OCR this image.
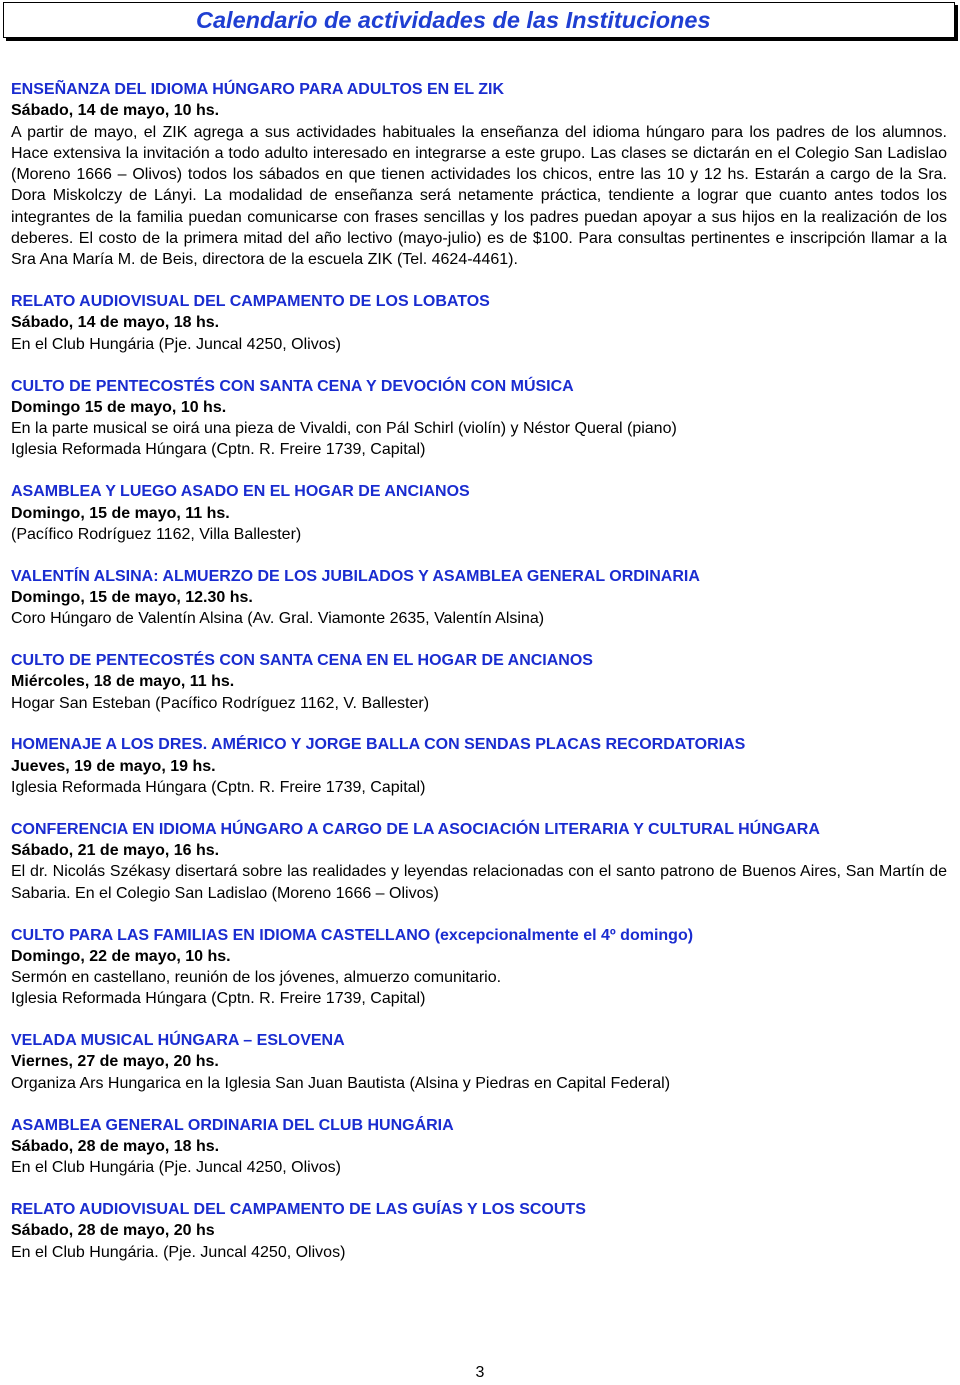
Calendario de actividades de las Instituciones

ENSEÑANZA DEL IDIOMA HÚNGARO PARA ADULTOS EN EL ZIK

Sábado, 14 de mayo, 10 hs.

A partir de mayo, el ZIK agrega a sus actividades habituales la enseñanza del idioma húngaro para los padres de los alumnos. Hace extensiva la invitación a todo adulto interesado en integrarse a este grupo. Las clases se dictarán en el Colegio San Ladislao (Moreno 1666 – Olivos) todos los sábados en que tienen actividades los chicos, entre las 10 y 12 hs. Estarán a cargo de la Sra. Dora Miskolczy de Lányi. La modalidad de enseñanza será netamente práctica, tendiente a lograr que cuanto antes todos los integrantes de la familia puedan comunicarse con frases sencillas y los padres puedan apoyar a sus hijos en la realización de los deberes. El costo de la primera mitad del año lectivo (mayo-julio) es de $100. Para consultas pertinentes e inscripción llamar a la Sra Ana María M. de Beis, directora de la escuela ZIK (Tel. 4624-4461).

RELATO AUDIOVISUAL DEL CAMPAMENTO DE LOS LOBATOS

Sábado, 14 de mayo, 18 hs.

En el Club Hungária (Pje. Juncal 4250, Olivos)

CULTO DE PENTECOSTÉS CON SANTA CENA Y DEVOCIÓN CON MÚSICA

Domingo 15 de mayo, 10 hs.

En la parte musical se oirá una pieza de Vivaldi, con Pál Schirl (violín) y Néstor Queral (piano)

Iglesia Reformada Húngara (Cptn. R. Freire 1739, Capital)

ASAMBLEA Y LUEGO ASADO EN EL HOGAR DE ANCIANOS

Domingo, 15 de mayo, 11 hs.

(Pacífico Rodríguez 1162, Villa Ballester)

VALENTÍN ALSINA: ALMUERZO DE LOS JUBILADOS Y ASAMBLEA GENERAL ORDINARIA

Domingo, 15 de mayo, 12.30 hs.

Coro Húngaro de Valentín Alsina (Av. Gral. Viamonte 2635, Valentín Alsina)

CULTO DE PENTECOSTÉS CON SANTA CENA EN EL HOGAR DE ANCIANOS

Miércoles, 18 de mayo, 11 hs.

Hogar San Esteban (Pacífico Rodríguez 1162, V. Ballester)

HOMENAJE A LOS DRES. AMÉRICO Y JORGE BALLA CON SENDAS PLACAS RECORDATORIAS

Jueves, 19 de mayo, 19 hs.

Iglesia Reformada Húngara (Cptn. R. Freire 1739, Capital)

CONFERENCIA EN IDIOMA HÚNGARO A CARGO DE LA ASOCIACIÓN LITERARIA Y CULTURAL HÚNGARA

Sábado, 21 de mayo, 16 hs.

El dr. Nicolás Székasy disertará sobre las realidades y leyendas relacionadas con el santo patrono de Buenos Aires, San Martín de Sabaria. En el Colegio San Ladislao (Moreno 1666 – Olivos)

CULTO PARA LAS FAMILIAS EN IDIOMA CASTELLANO (excepcionalmente el 4º domingo)

Domingo, 22 de mayo, 10 hs.

Sermón en castellano, reunión de los jóvenes, almuerzo comunitario.

Iglesia Reformada Húngara (Cptn. R. Freire 1739, Capital)

VELADA MUSICAL HÚNGARA – ESLOVENA

Viernes, 27 de mayo, 20 hs.

Organiza Ars Hungarica en la Iglesia San Juan Bautista (Alsina y Piedras en Capital Federal)

ASAMBLEA GENERAL ORDINARIA DEL CLUB HUNGÁRIA

Sábado, 28 de mayo, 18 hs.

En el Club Hungária (Pje. Juncal 4250, Olivos)

RELATO AUDIOVISUAL DEL CAMPAMENTO DE LAS GUÍAS Y LOS SCOUTS

Sábado, 28 de mayo, 20 hs

En el Club Hungária. (Pje. Juncal 4250, Olivos)

3
